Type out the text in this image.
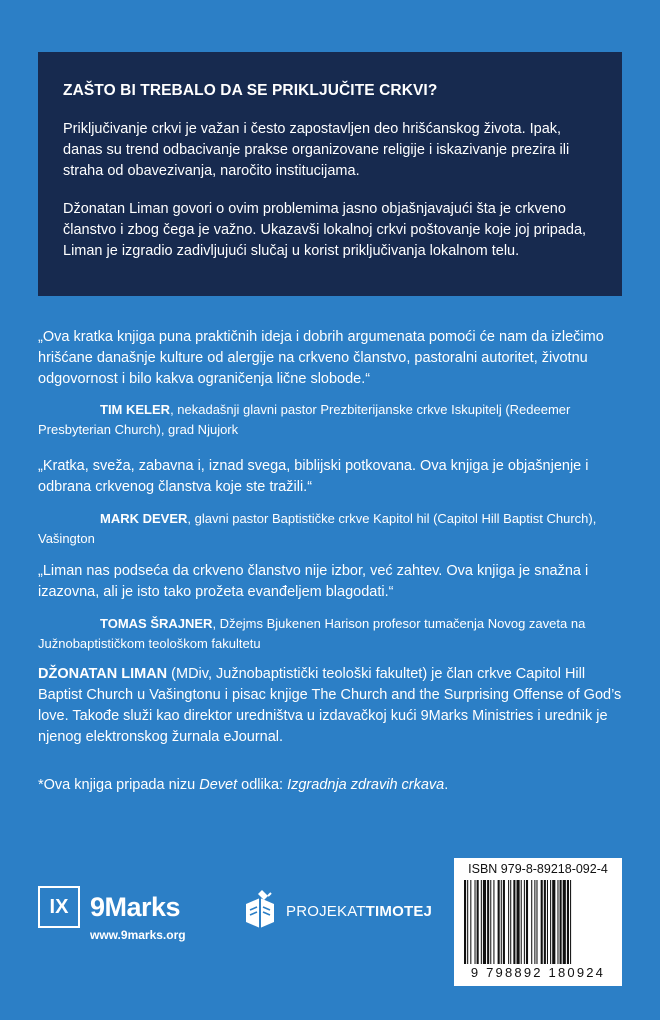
ZAŠTO BI TREBALO DA SE PRIKLJUČITE CRKVI?

Priključivanje crkvi je važan i često zapostavljen deo hrišćanskog života. Ipak, danas su trend odbacivanje prakse organizovane religije i iskazivanje prezira ili straha od obavezivanja, naročito institucijama.

Džonatan Liman govori o ovim problemima jasno objašnjavajući šta je crkveno članstvo i zbog čega je važno. Ukazavši lokalnoj crkvi poštovanje koje joj pripada, Liman je izgradio zadivljujući slučaj u korist priključivanja lokalnom telu.

„Ova kratka knjiga puna praktičnih ideja i dobrih argumenata pomoći će nam da izlečimo hrišćane današnje kulture od alergije na crkveno članstvo, pastoralni autoritet, životnu odgovornost i bilo kakva ograničenja lične slobode.“

TIM KELER, nekadašnji glavni pastor Prezbiterijanske crkve Iskupitelj (Redeemer Presbyterian Church), grad Njujork

„Kratka, sveža, zabavna i, iznad svega, biblijski potkovana. Ova knjiga je objašnjenje i odbrana crkvenog članstva koje ste tražili.“

MARK DEVER, glavni pastor Baptističke crkve Kapitol hil (Capitol Hill Baptist Church), Vašington

„Liman nas podseća da crkveno članstvo nije izbor, već zahtev. Ova knjiga je snažna i izazovna, ali je isto tako prožeta evanđeljem blagodati.“

TOMAS ŠRAJNER, Džejms Bjukenen Harison profesor tumačenja Novog zaveta na Južnobaptističkom teološkom fakultetu

DŽONATAN LIMAN (MDiv, Južnobaptistički teološki fakultet) je član crkve Capitol Hill Baptist Church u Vašingtonu i pisac knjige The Church and the Surprising Offense of God’s love. Takođe služi kao direktor uredništva u izdavačkoj kući 9Marks Ministries i urednik je njenog elektronskog žurnala eJournal.

*Ova knjiga pripada nizu Devet odlika: Izgradnja zdravih crkava.

IX 9Marks
www.9marks.org
PROJEKATTIMOTEJ
ISBN 979-8-89218-092-4
9 798892 180924
